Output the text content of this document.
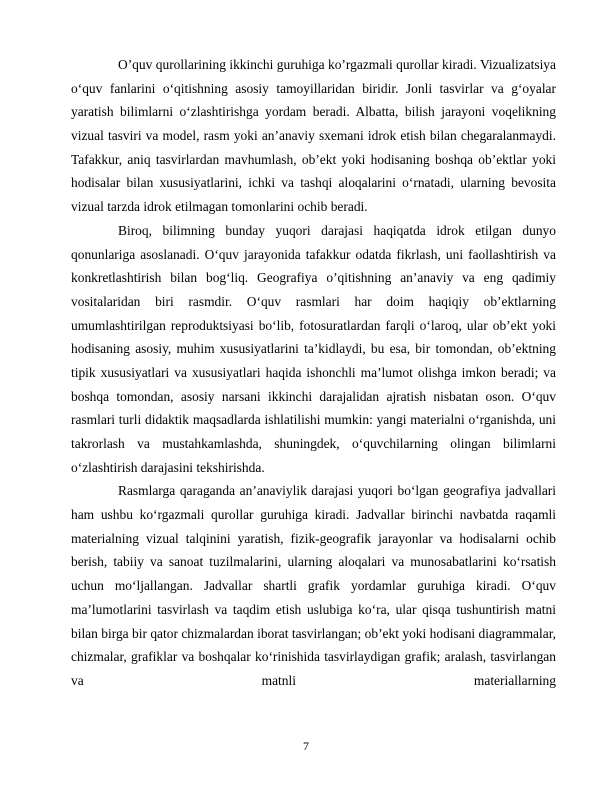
O’quv qurollarining ikkinchi guruhiga ko’rgazmali qurollar kiradi. Vizualizatsiya o‘quv fanlarini o‘qitishning asosiy tamoyillaridan biridir. Jonli tasvirlar va g‘oyalar yaratish bilimlarni o‘zlashtirishga yordam beradi. Albatta, bilish jarayoni voqelikning vizual tasviri va model, rasm yoki an’anaviy sxemani idrok etish bilan chegaralanmaydi. Tafakkur, aniq tasvirlardan mavhumlash, ob’ekt yoki hodisaning boshqa ob’ektlar yoki hodisalar bilan xususiyatlarini, ichki va tashqi aloqalarini o‘rnatadi, ularning bevosita vizual tarzda idrok etilmagan tomonlarini ochib beradi.

Biroq, bilimning bunday yuqori darajasi haqiqatda idrok etilgan dunyo qonunlariga asoslanadi. O‘quv jarayonida tafakkur odatda fikrlash, uni faollashtirish va konkretlashtirish bilan bog‘liq. Geografiya o’qitishning an’anaviy va eng qadimiy vositalaridan biri rasmdir. O‘quv rasmlari har doim haqiqiy ob’ektlarning umumlashtirilgan reproduktsiyasi bo‘lib, fotosuratlardan farqli o‘laroq, ular ob’ekt yoki hodisaning asosiy, muhim xususiyatlarini ta’kidlaydi, bu esa, bir tomondan, ob’ektning tipik xususiyatlari va xususiyatlari haqida ishonchli ma’lumot olishga imkon beradi; va boshqa tomondan, asosiy narsani ikkinchi darajalidan ajratish nisbatan oson. O‘quv rasmlari turli didaktik maqsadlarda ishlatilishi mumkin: yangi materialni o‘rganishda, uni takrorlash va mustahkamlashda, shuningdek, o‘quvchilarning olingan bilimlarni o‘zlashtirish darajasini tekshirishda.

Rasmlarga qaraganda an’anaviylik darajasi yuqori bo‘lgan geografiya jadvallari ham ushbu ko‘rgazmali qurollar guruhiga kiradi. Jadvallar birinchi navbatda raqamli materialning vizual talqinini yaratish, fizik-geografik jarayonlar va hodisalarni ochib berish, tabiiy va sanoat tuzilmalarini, ularning aloqalari va munosabatlarini ko‘rsatish uchun mo‘ljallangan. Jadvallar shartli grafik yordamlar guruhiga kiradi. O‘quv ma’lumotlarini tasvirlash va taqdim etish uslubiga ko‘ra, ular qisqa tushuntirish matni bilan birga bir qator chizmalardan iborat tasvirlangan; ob’ekt yoki hodisani diagrammalar, chizmalar, grafiklar va boshqalar ko‘rinishida tasvirlaydigan grafik; aralash, tasvirlangan va matnli materiallarning

7
